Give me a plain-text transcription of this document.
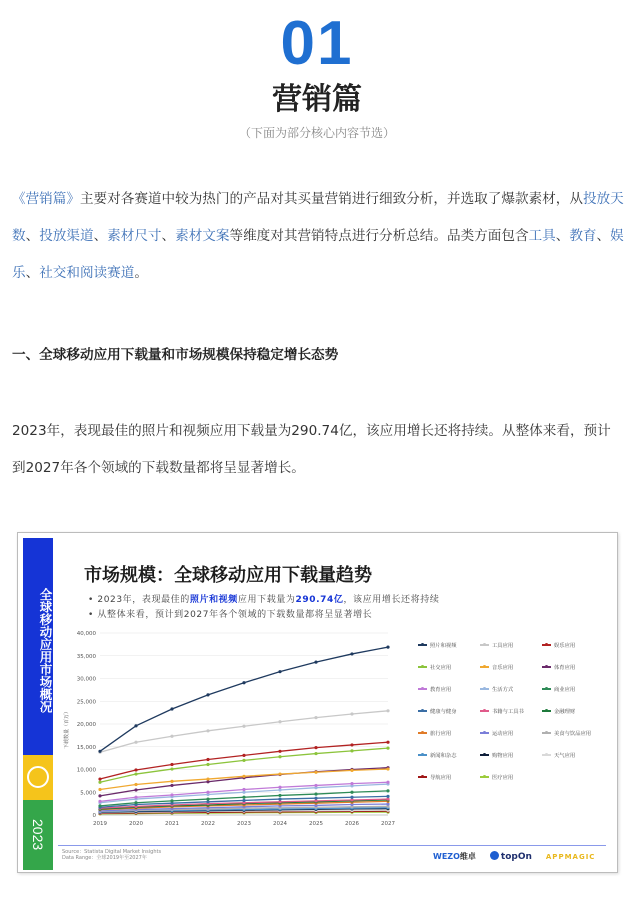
01
营销篇
（下面为部分核心内容节选）
《营销篇》主要对各赛道中较为热门的产品对其买量营销进行细致分析，并选取了爆款素材，从投放天数、投放渠道、素材尺寸、素材文案等维度对其营销特点进行分析总结。品类方面包含工具、教育、娱乐、社交和阅读赛道。
一、全球移动应用下载量和市场规模保持稳定增长态势
2023年，表现最佳的照片和视频应用下载量为290.74亿，该应用增长还将持续。从整体来看，预计到2027年各个领域的下载数量都将呈显著增长。
全球移动应用市场概况
2023
市场规模：全球移动应用下载量趋势
• 2023年，表现最佳的照片和视频应用下载量为290.74亿，该应用增长还将持续
• 从整体来看，预计到2027年各个领域的下载数量都将呈显著增长
0
5,000
10,000
15,000
20,000
25,000
30,000
35,000
40,000
2019	2020	2021	2022	2023	2024	2025	2026	2027
下载数量（百万）
照片和视频	工具应用	娱乐应用
社交应用	音乐应用	体育应用
教育应用	生活方式	商业应用
健康与健身	书籍与工具书	金融理财
旅行应用	运动应用	美食与饮品应用
新闻和杂志	购物应用	天气应用
导航应用	医疗应用
Source：Statista Digital Market Insights
Data Range：全球2019年至2027年	WEZO维卓	topOn APPMAGIC
